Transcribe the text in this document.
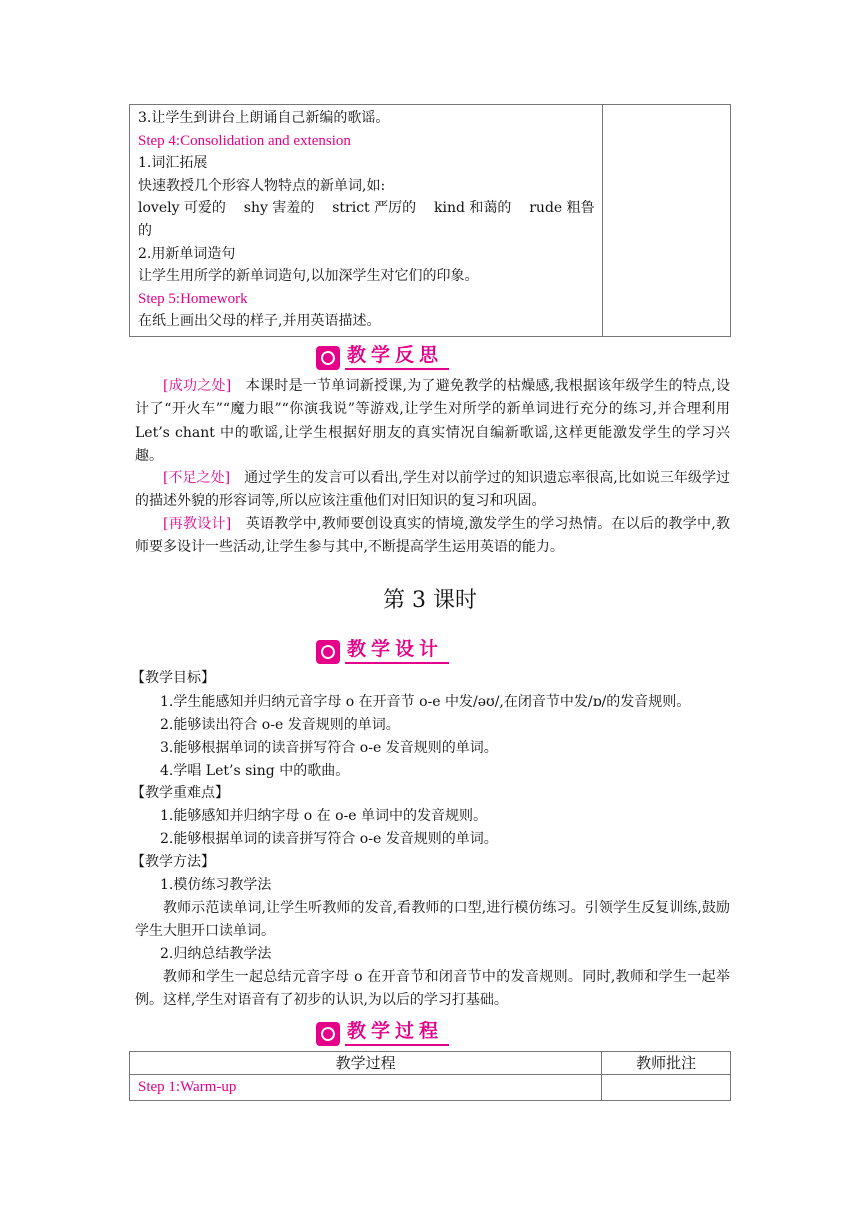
3.让学生到讲台上朗诵自己新编的歌谣。
Step 4:Consolidation and extension
1.词汇拓展
快速教授几个形容人物特点的新单词,如:
lovely 可爱的 shy 害羞的 strict 严厉的 kind 和蔼的 rude 粗鲁
的
2.用新单词造句
让学生用所学的新单词造句,以加深学生对它们的印象。
Step 5:Homework
在纸上画出父母的样子,并用英语描述。

教学反思
[成功之处]　本课时是一节单词新授课,为了避免教学的枯燥感,我根据该年级学生的特点,设计了“开火车”“魔力眼”“你演我说”等游戏,让学生对所学的新单词进行充分的练习,并合理利用 Let’s chant 中的歌谣,让学生根据好朋友的真实情况自编新歌谣,这样更能激发学生的学习兴趣。
[不足之处]　通过学生的发言可以看出,学生对以前学过的知识遗忘率很高,比如说三年级学过的描述外貌的形容词等,所以应该注重他们对旧知识的复习和巩固。
[再教设计]　英语教学中,教师要创设真实的情境,激发学生的学习热情。在以后的教学中,教师要多设计一些活动,让学生参与其中,不断提高学生运用英语的能力。
第 3 课时
教学设计
【教学目标】
1.学生能感知并归纳元音字母 o 在开音节 o-e 中发/əʊ/,在闭音节中发/ɒ/的发音规则。
2.能够读出符合 o-e 发音规则的单词。
3.能够根据单词的读音拼写符合 o-e 发音规则的单词。
4.学唱 Let’s sing 中的歌曲。
【教学重难点】
1.能够感知并归纳字母 o 在 o-e 单词中的发音规则。
2.能够根据单词的读音拼写符合 o-e 发音规则的单词。
【教学方法】
1.模仿练习教学法
教师示范读单词,让学生听教师的发音,看教师的口型,进行模仿练习。引领学生反复训练,鼓励学生大胆开口读单词。
2.归纳总结教学法
教师和学生一起总结元音字母 o 在开音节和闭音节中的发音规则。同时,教师和学生一起举例。这样,学生对语音有了初步的认识,为以后的学习打基础。
教学过程
教学过程	教师批注

Step 1:Warm-up	
